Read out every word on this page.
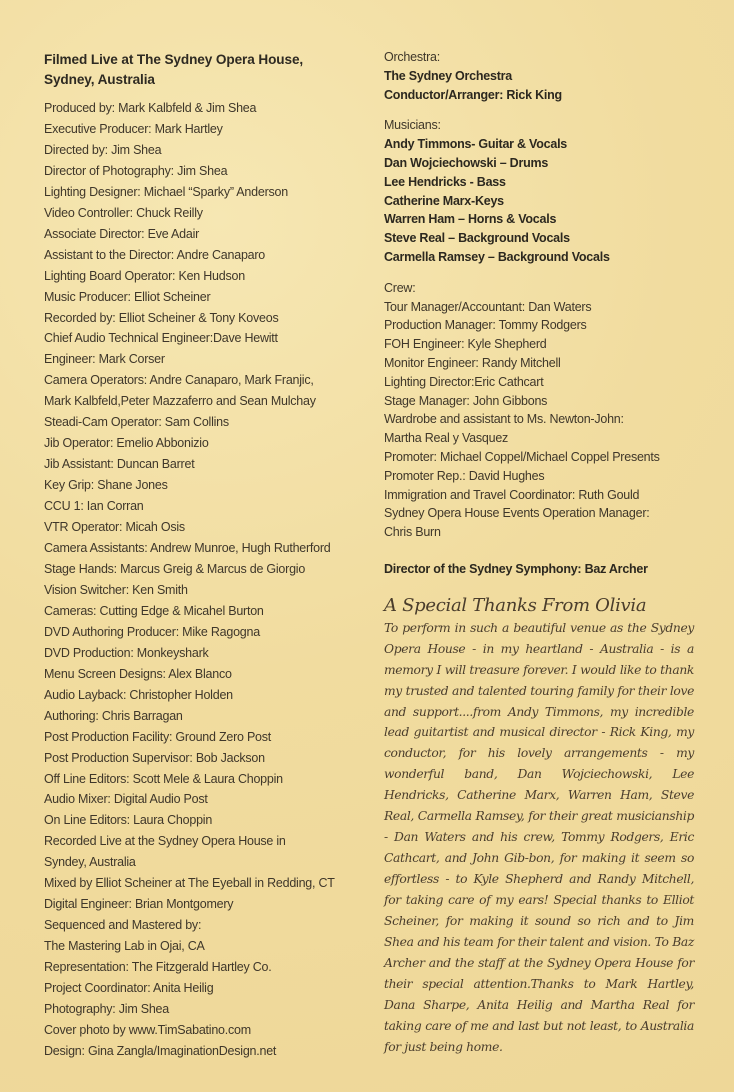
Filmed Live at The Sydney Opera House,
Sydney, Australia
Produced by: Mark Kalbfeld & Jim Shea
Executive Producer: Mark Hartley
Directed by: Jim Shea
Director of Photography: Jim Shea
Lighting Designer: Michael “Sparky” Anderson
Video Controller: Chuck Reilly
Associate Director: Eve Adair
Assistant to the Director: Andre Canaparo
Lighting Board Operator: Ken Hudson
Music Producer: Elliot Scheiner
Recorded by: Elliot Scheiner & Tony Koveos
Chief Audio Technical Engineer:Dave Hewitt
Engineer: Mark Corser
Camera Operators: Andre Canaparo, Mark Franjic,
Mark Kalbfeld,Peter Mazzaferro and Sean Mulchay
Steadi-Cam Operator: Sam Collins
Jib Operator: Emelio Abbonizio
Jib Assistant: Duncan Barret
Key Grip: Shane Jones
CCU 1: Ian Corran
VTR Operator: Micah Osis
Camera Assistants: Andrew Munroe, Hugh Rutherford
Stage Hands: Marcus Greig & Marcus de Giorgio
Vision Switcher: Ken Smith
Cameras: Cutting Edge & Micahel Burton
DVD Authoring Producer: Mike Ragogna
DVD Production: Monkeyshark
Menu Screen Designs: Alex Blanco
Audio Layback: Christopher Holden
Authoring: Chris Barragan
Post Production Facility: Ground Zero Post
Post Production Supervisor: Bob Jackson
Off Line Editors: Scott Mele & Laura Choppin
Audio Mixer: Digital Audio Post
On Line Editors: Laura Choppin
Recorded Live at the Sydney Opera House in
Syndey, Australia
Mixed by Elliot Scheiner at The Eyeball in Redding, CT
Digital Engineer: Brian Montgomery
Sequenced and Mastered by:
The Mastering Lab in Ojai, CA
Representation: The Fitzgerald Hartley Co.
Project Coordinator: Anita Heilig
Photography: Jim Shea
Cover photo by www.TimSabatino.com
Design: Gina Zangla/ImaginationDesign.net
Orchestra:
The Sydney Orchestra
Conductor/Arranger: Rick King
Musicians:
Andy Timmons- Guitar & Vocals
Dan Wojciechowski – Drums
Lee Hendricks - Bass
Catherine Marx-Keys
Warren Ham – Horns & Vocals
Steve Real – Background Vocals
Carmella Ramsey – Background Vocals
Crew:
Tour Manager/Accountant: Dan Waters
Production Manager: Tommy Rodgers
FOH Engineer: Kyle Shepherd
Monitor Engineer: Randy Mitchell
Lighting Director:Eric Cathcart
Stage Manager: John Gibbons
Wardrobe and assistant to Ms. Newton-John:
Martha Real y Vasquez
Promoter: Michael Coppel/Michael Coppel Presents
Promoter Rep.: David Hughes
Immigration and Travel Coordinator: Ruth Gould
Sydney Opera House Events Operation Manager:
Chris Burn
Director of the Sydney Symphony: Baz Archer
A Special Thanks From Olivia
To perform in such a beautiful venue as the Sydney Opera House - in my heartland - Australia - is a memory I will treasure forever. I would like to thank my trusted and talented touring family for their love and support....from Andy Timmons, my incredible lead guitartist and musical director - Rick King, my conductor, for his lovely arrangements - my wonderful band, Dan Wojciechowski, Lee Hendricks, Catherine Marx, Warren Ham, Steve Real, Carmella Ramsey, for their great musicianship - Dan Waters and his crew, Tommy Rodgers, Eric Cathcart, and John Gib-bon, for making it seem so effortless - to Kyle Shepherd and Randy Mitchell, for taking care of my ears! Special thanks to Elliot Scheiner, for making it sound so rich and to Jim Shea and his team for their talent and vision. To Baz Archer and the staff at the Sydney Opera House for their special attention.Thanks to Mark Hartley, Dana Sharpe, Anita Heilig and Martha Real for taking care of me and last but not least, to Australia for just being home.
